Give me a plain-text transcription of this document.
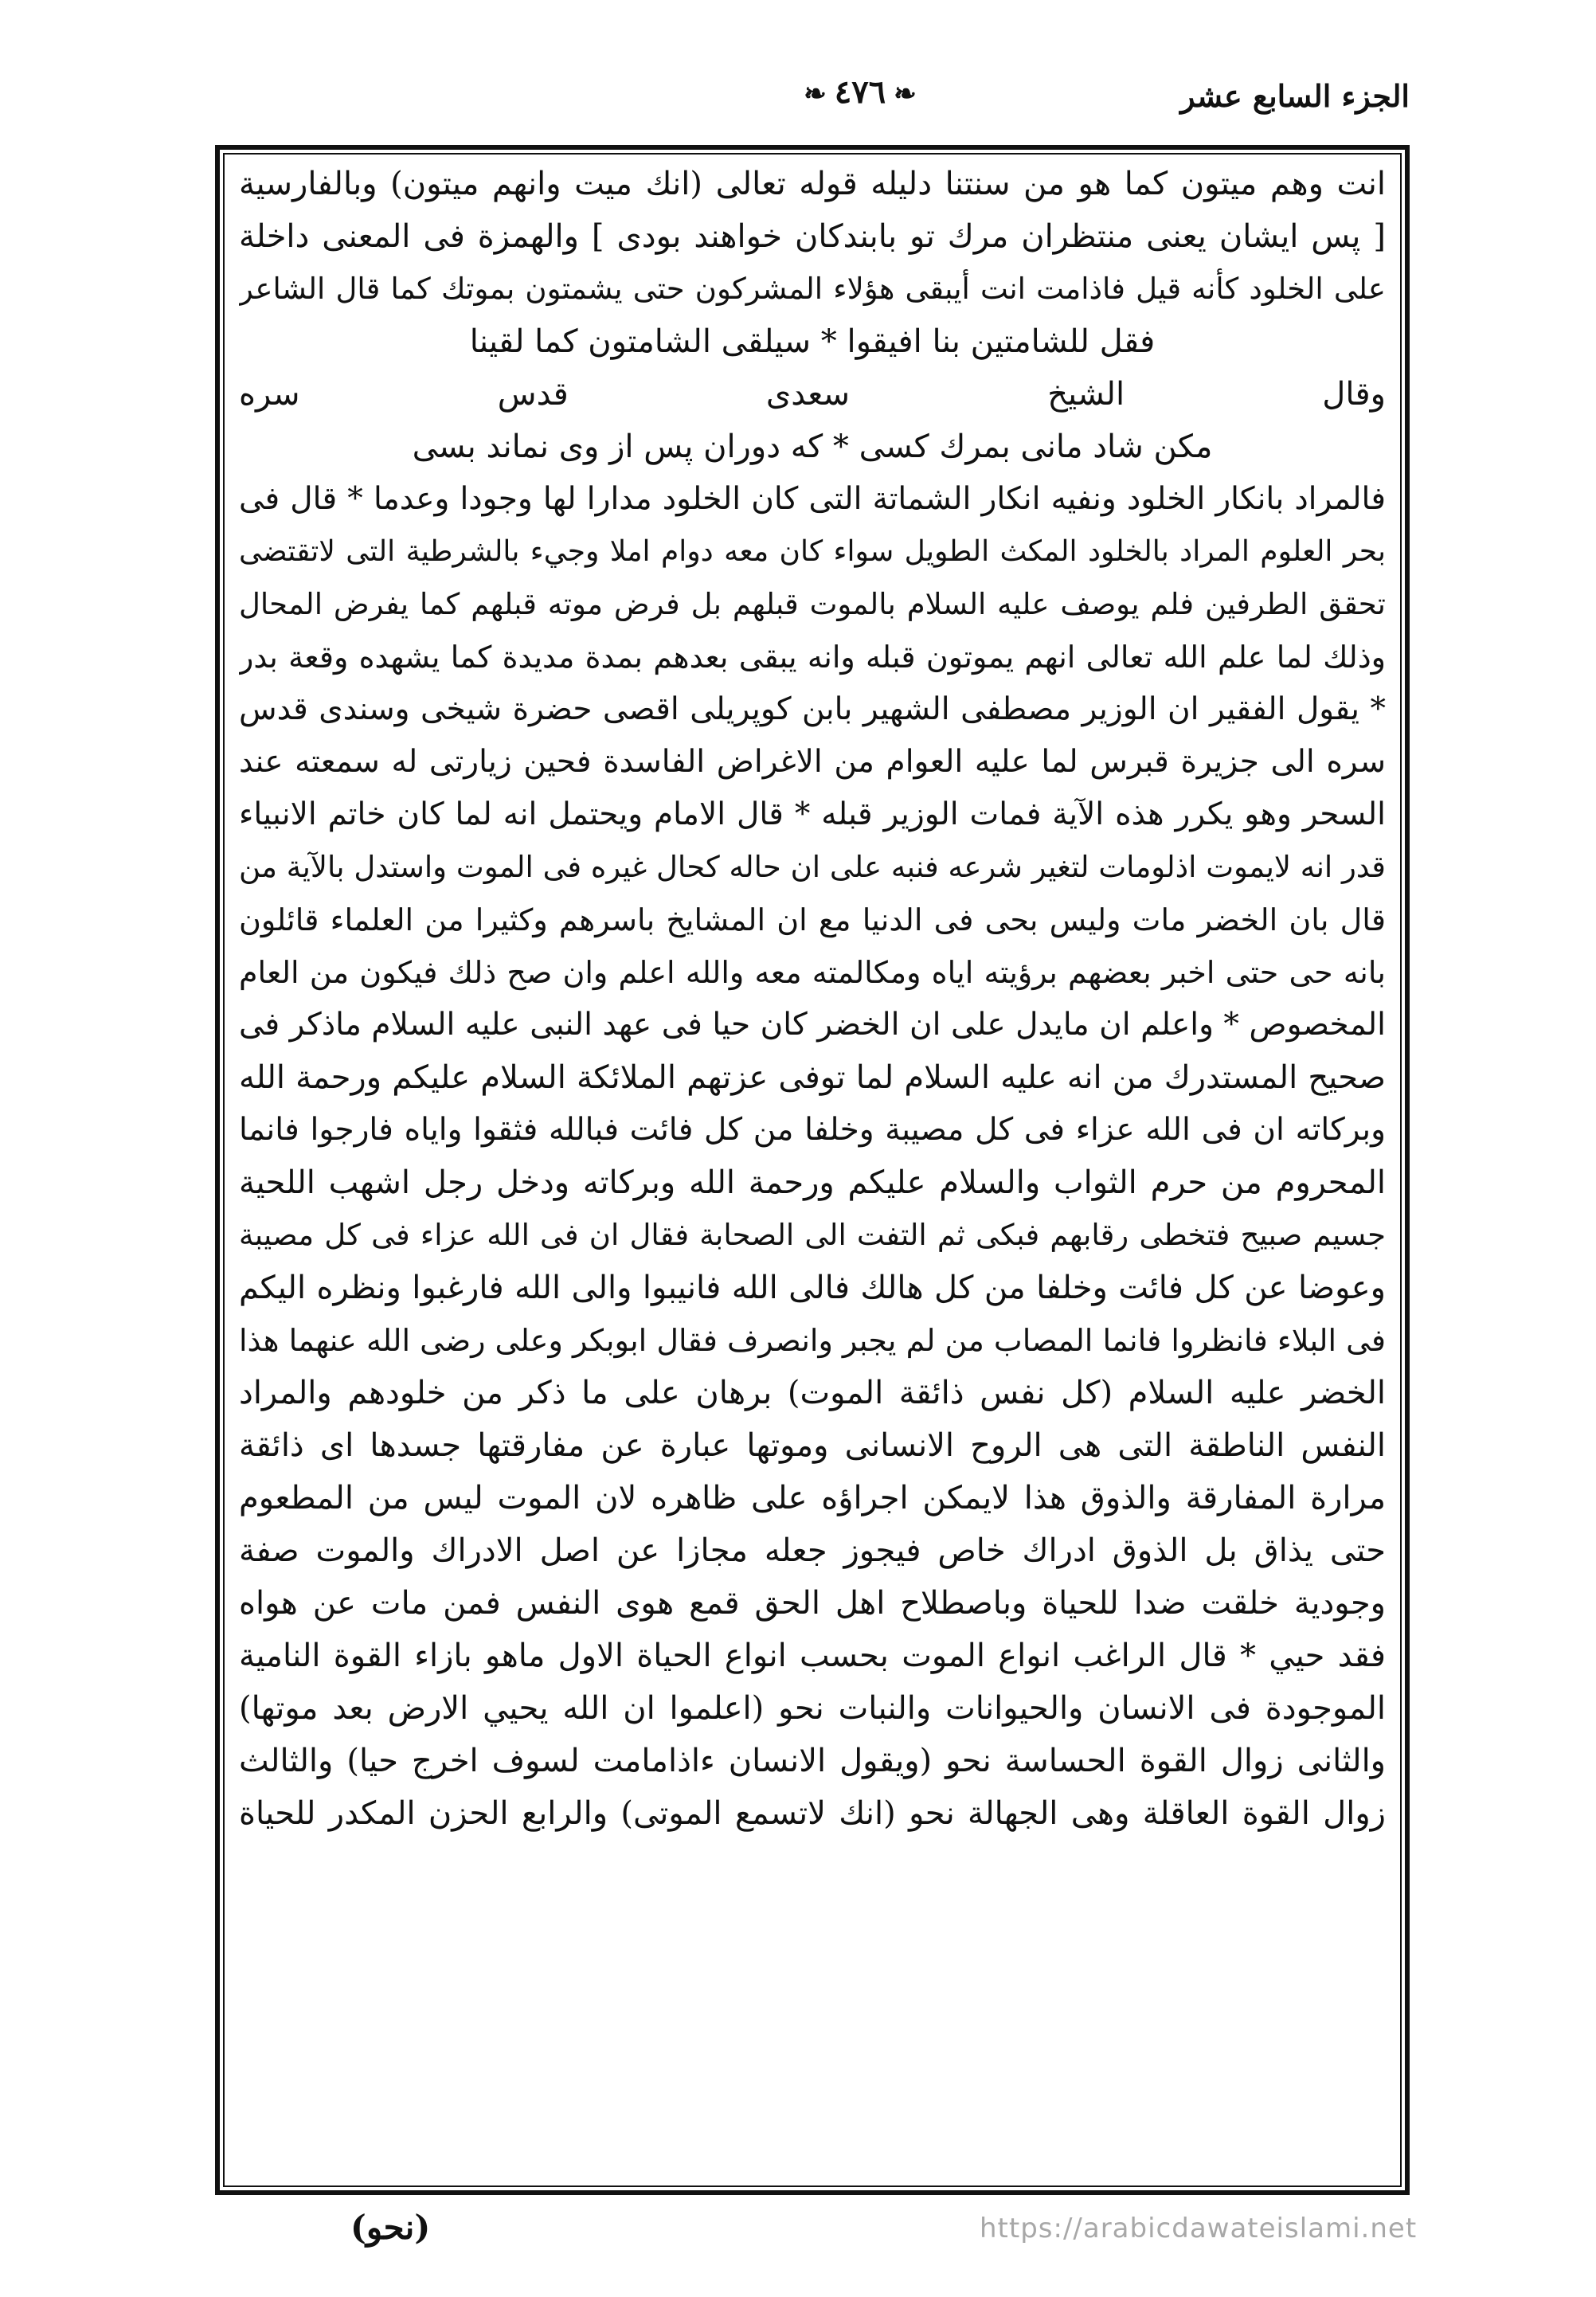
الجزء السابع عشر
❧٤٧٦❧
انت وهم ميتون كما هو من سنتنا دليله قوله تعالى (انك ميت وانهم ميتون) وبالفارسية
[ پس ايشان يعنى منتظران مرك تو بابندكان خواهند بودى ] والهمزة فى المعنى داخلة
على الخلود كأنه قيل فاذامت انت أيبقى هؤلاء المشركون حتى يشمتون بموتك كما قال الشاعر
فقل للشامتين بنا افيقوا * سيلقى الشامتون كما لقينا
وقال الشيخ سعدى قدس سره
مكن شاد مانى بمرك كسى * كه دوران پس از وى نماند بسى
فالمراد بانكار الخلود ونفيه انكار الشماتة التى كان الخلود مدارا لها وجودا وعدما * قال فى
بحر العلوم المراد بالخلود المكث الطويل سواء كان معه دوام املا وجيء بالشرطية التى لاتقتضى
تحقق الطرفين فلم يوصف عليه السلام بالموت قبلهم بل فرض موته قبلهم كما يفرض المحال
وذلك لما علم الله تعالى انهم يموتون قبله وانه يبقى بعدهم بمدة مديدة كما يشهده وقعة بدر
* يقول الفقير ان الوزير مصطفى الشهير بابن كوپريلى اقصى حضرة شيخى وسندى قدس
سره الى جزيرة قبرس لما عليه العوام من الاغراض الفاسدة فحين زيارتى له سمعته عند
السحر وهو يكرر هذه الآية فمات الوزير قبله * قال الامام ويحتمل انه لما كان خاتم الانبياء
قدر انه لايموت اذلومات لتغير شرعه فنبه على ان حاله كحال غيره فى الموت واستدل بالآية من
قال بان الخضر مات وليس بحى فى الدنيا مع ان المشايخ باسرهم وكثيرا من العلماء قائلون
بانه حى حتى اخبر بعضهم برؤيته اياه ومكالمته معه والله اعلم وان صح ذلك فيكون من العام
المخصوص * واعلم ان مايدل على ان الخضر كان حيا فى عهد النبى عليه السلام ماذكر فى
صحيح المستدرك من انه عليه السلام لما توفى عزتهم الملائكة السلام عليكم ورحمة الله
وبركاته ان فى الله عزاء فى كل مصيبة وخلفا من كل فائت فبالله فثقوا واياه فارجوا فانما
المحروم من حرم الثواب والسلام عليكم ورحمة الله وبركاته ودخل رجل اشهب اللحية
جسيم صبيح فتخطى رقابهم فبكى ثم التفت الى الصحابة فقال ان فى الله عزاء فى كل مصيبة
وعوضا عن كل فائت وخلفا من كل هالك فالى الله فانيبوا والى الله فارغبوا ونظره اليكم
فى البلاء فانظروا فانما المصاب من لم يجبر وانصرف فقال ابوبكر وعلى رضى الله عنهما هذا
الخضر عليه السلام (كل نفس ذائقة الموت) برهان على ما ذكر من خلودهم والمراد
النفس الناطقة التى هى الروح الانسانى وموتها عبارة عن مفارقتها جسدها اى ذائقة
مرارة المفارقة والذوق هذا لايمكن اجراؤه على ظاهره لان الموت ليس من المطعوم
حتى يذاق بل الذوق ادراك خاص فيجوز جعله مجازا عن اصل الادراك والموت صفة
وجودية خلقت ضدا للحياة وباصطلاح اهل الحق قمع هوى النفس فمن مات عن هواه
فقد حيي * قال الراغب انواع الموت بحسب انواع الحياة الاول ماهو بازاء القوة النامية
الموجودة فى الانسان والحيوانات والنبات نحو (اعلموا ان الله يحيي الارض بعد موتها)
والثانى زوال القوة الحساسة نحو (ويقول الانسان ءاذامامت لسوف اخرج حيا) والثالث
زوال القوة العاقلة وهى الجهالة نحو (انك لاتسمع الموتى) والرابع الحزن المكدر للحياة
(نحو)	https://arabicdawateislami.net
